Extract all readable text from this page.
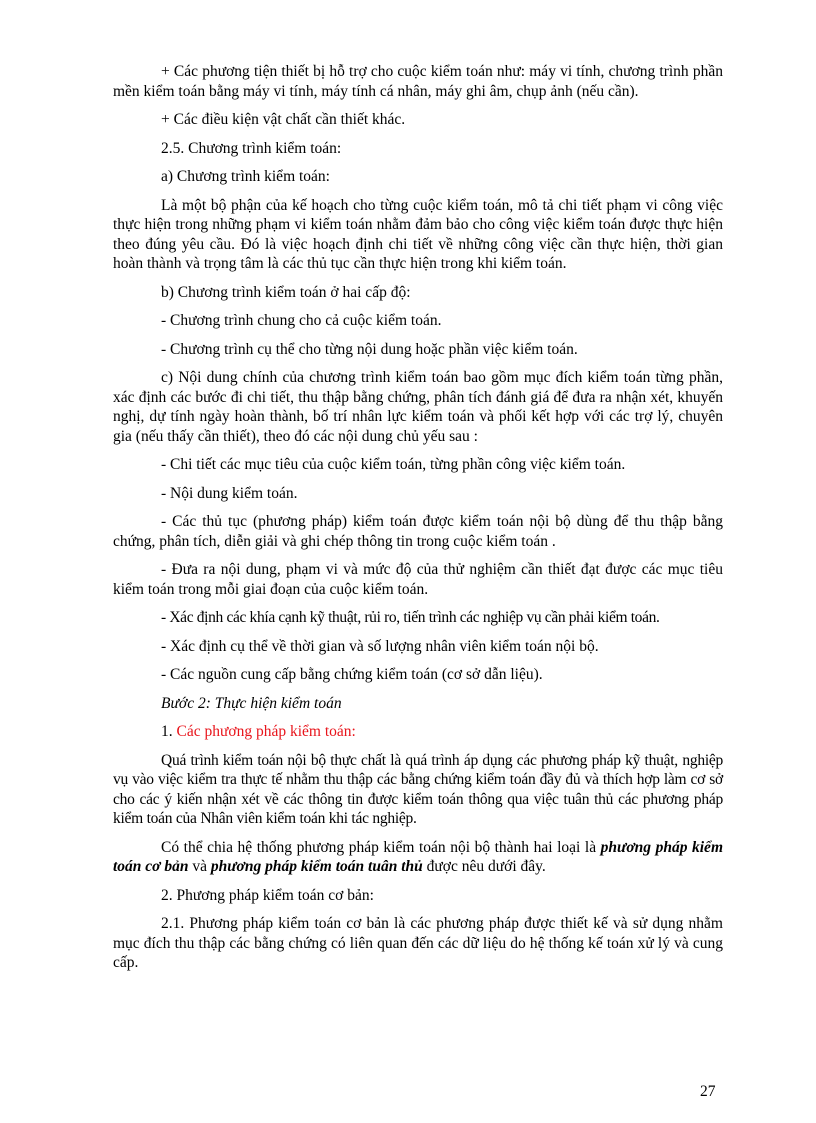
+ Các phương tiện thiết bị hỗ trợ cho cuộc kiểm toán như: máy vi tính, chương trình phần mền kiểm toán bằng máy vi tính, máy tính cá nhân, máy ghi âm, chụp ảnh (nếu cần).

+ Các điều kiện vật chất cần thiết khác.

2.5. Chương trình kiểm toán:

a) Chương trình kiểm toán:

Là một bộ phận của kế hoạch cho từng cuộc kiểm toán, mô tả chi tiết phạm vi công việc thực hiện trong những phạm vi kiểm toán nhằm đảm bảo cho công việc kiểm toán được thực hiện theo đúng yêu cầu. Đó là việc hoạch định chi tiết về những công việc cần thực hiện, thời gian hoàn thành và trọng tâm là các thủ tục cần thực hiện trong khi kiểm toán.

b) Chương trình kiểm toán ở hai cấp độ:

- Chương trình chung cho cả cuộc kiểm toán.

- Chương trình cụ thể cho từng nội dung hoặc phần việc kiểm toán.

c) Nội dung chính của chương trình kiểm toán bao gồm mục đích kiểm toán từng phần, xác định các bước đi chi tiết, thu thập bằng chứng, phân tích đánh giá để đưa ra nhận xét, khuyến nghị, dự tính ngày hoàn thành, bố trí nhân lực kiểm toán và phối kết hợp với các trợ lý, chuyên gia (nếu thấy cần thiết), theo đó các nội dung chủ yếu sau :

- Chi tiết các mục tiêu của cuộc kiểm toán, từng phần công việc kiểm toán.

- Nội dung kiểm toán.

- Các thủ tục (phương pháp) kiểm toán được kiểm toán nội bộ dùng để thu thập bằng chứng, phân tích, diễn giải và ghi chép thông tin trong cuộc kiểm toán .

- Đưa ra nội dung, phạm vi và mức độ của thử nghiệm cần thiết đạt được các mục tiêu kiểm toán trong mỗi giai đoạn của cuộc kiểm toán.

- Xác định các khía cạnh kỹ thuật, rủi ro, tiến trình các nghiệp vụ cần phải kiểm toán.

- Xác định cụ thể về thời gian và số lượng nhân viên kiểm toán nội bộ.

- Các nguồn cung cấp bằng chứng kiểm toán (cơ sở dẫn liệu).

Bước 2: Thực hiện kiểm toán

1. Các phương pháp kiểm toán:

Quá trình kiểm toán nội bộ thực chất là quá trình áp dụng các phương pháp kỹ thuật, nghiệp vụ vào việc kiểm tra thực tế nhằm thu thập các bằng chứng kiểm toán đầy đủ và thích hợp làm cơ sở cho các ý kiến nhận xét về các thông tin được kiểm toán thông qua việc tuân thủ các phương pháp kiểm toán của Nhân viên kiểm toán khi tác nghiệp.

Có thể chia hệ thống phương pháp kiểm toán nội bộ thành hai loại là phương pháp kiểm toán cơ bản và phương pháp kiểm toán tuân thủ được nêu dưới đây.

2. Phương pháp kiểm toán cơ bản:

2.1. Phương pháp kiểm toán cơ bản là các phương pháp được thiết kế và sử dụng nhằm mục đích thu thập các bằng chứng có liên quan đến các dữ liệu do hệ thống kế toán xử lý và cung cấp.

27
